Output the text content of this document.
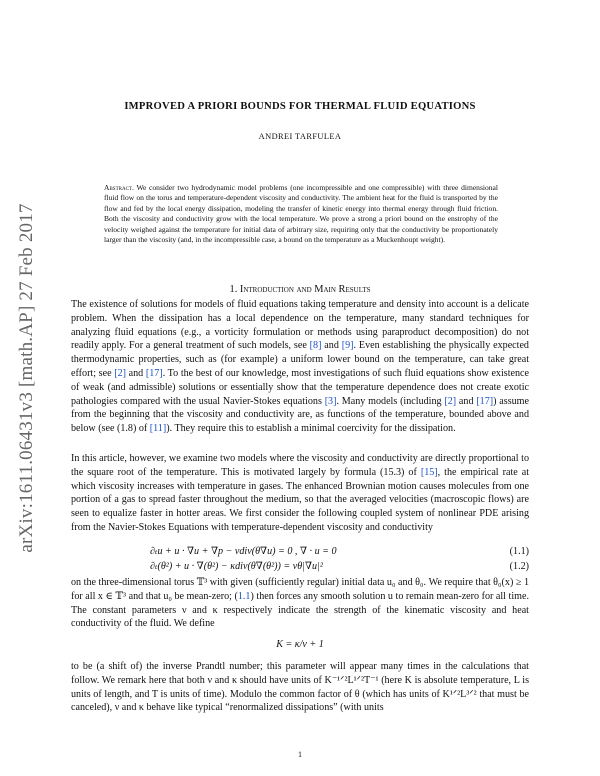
arXiv:1611.06431v3 [math.AP] 27 Feb 2017
IMPROVED A PRIORI BOUNDS FOR THERMAL FLUID EQUATIONS
ANDREI TARFULEA
Abstract. We consider two hydrodynamic model problems (one incompressible and one compressible) with three dimensional fluid flow on the torus and temperature-dependent viscosity and conductivity. The ambient heat for the fluid is transported by the flow and fed by the local energy dissipation, modeling the transfer of kinetic energy into thermal energy through fluid friction. Both the viscosity and conductivity grow with the local temperature. We prove a strong a priori bound on the enstrophy of the velocity weighed against the temperature for initial data of arbitrary size, requiring only that the conductivity be proportionately larger than the viscosity (and, in the incompressible case, a bound on the temperature as a Muckenhoupt weight).
1. Introduction and Main Results
The existence of solutions for models of fluid equations taking temperature and density into account is a delicate problem. When the dissipation has a local dependence on the temperature, many standard techniques for analyzing fluid equations (e.g., a vorticity formulation or methods using paraproduct decomposition) do not readily apply. For a general treatment of such models, see [8] and [9]. Even establishing the physically expected thermodynamic properties, such as (for example) a uniform lower bound on the temperature, can take great effort; see [2] and [17]. To the best of our knowledge, most investigations of such fluid equations show existence of weak (and admissible) solutions or essentially show that the temperature dependence does not create exotic pathologies compared with the usual Navier-Stokes equations [3]. Many models (including [2] and [17]) assume from the beginning that the viscosity and conductivity are, as functions of the temperature, bounded above and below (see (1.8) of [11]). They require this to establish a minimal coercivity for the dissipation.
In this article, however, we examine two models where the viscosity and conductivity are directly proportional to the square root of the temperature. This is motivated largely by formula (15.3) of [15], the empirical rate at which viscosity increases with temperature in gases. The enhanced Brownian motion causes molecules from one portion of a gas to spread faster throughout the medium, so that the averaged velocities (macroscopic flows) are seen to equalize faster in hotter areas. We first consider the following coupled system of nonlinear PDE arising from the Navier-Stokes Equations with temperature-dependent viscosity and conductivity
∂ₜu + u · ∇u + ∇p − νdiv(θ∇u) = 0 , ∇ · u = 0	(1.1)
∂ₜ(θ²) + u · ∇(θ²) − κdiv(θ∇(θ²)) = νθ|∇u|²	(1.2)
on the three-dimensional torus 𝕋³ with given (sufficiently regular) initial data u₀ and θ₀. We require that θ₀(x) ≥ 1 for all x ∈ 𝕋³ and that u₀ be mean-zero; (1.1) then forces any smooth solution u to remain mean-zero for all time. The constant parameters ν and κ respectively indicate the strength of the kinematic viscosity and heat conductivity of the fluid. We define
K = κ/ν + 1
to be (a shift of) the inverse Prandtl number; this parameter will appear many times in the calculations that follow. We remark here that both ν and κ should have units of K⁻¹ᐟ²L¹ᐟ²T⁻¹ (here K is absolute temperature, L is units of length, and T is units of time). Modulo the common factor of θ (which has units of K¹ᐟ²L³ᐟ² that must be canceled), ν and κ behave like typical “renormalized dissipations” (with units
1
